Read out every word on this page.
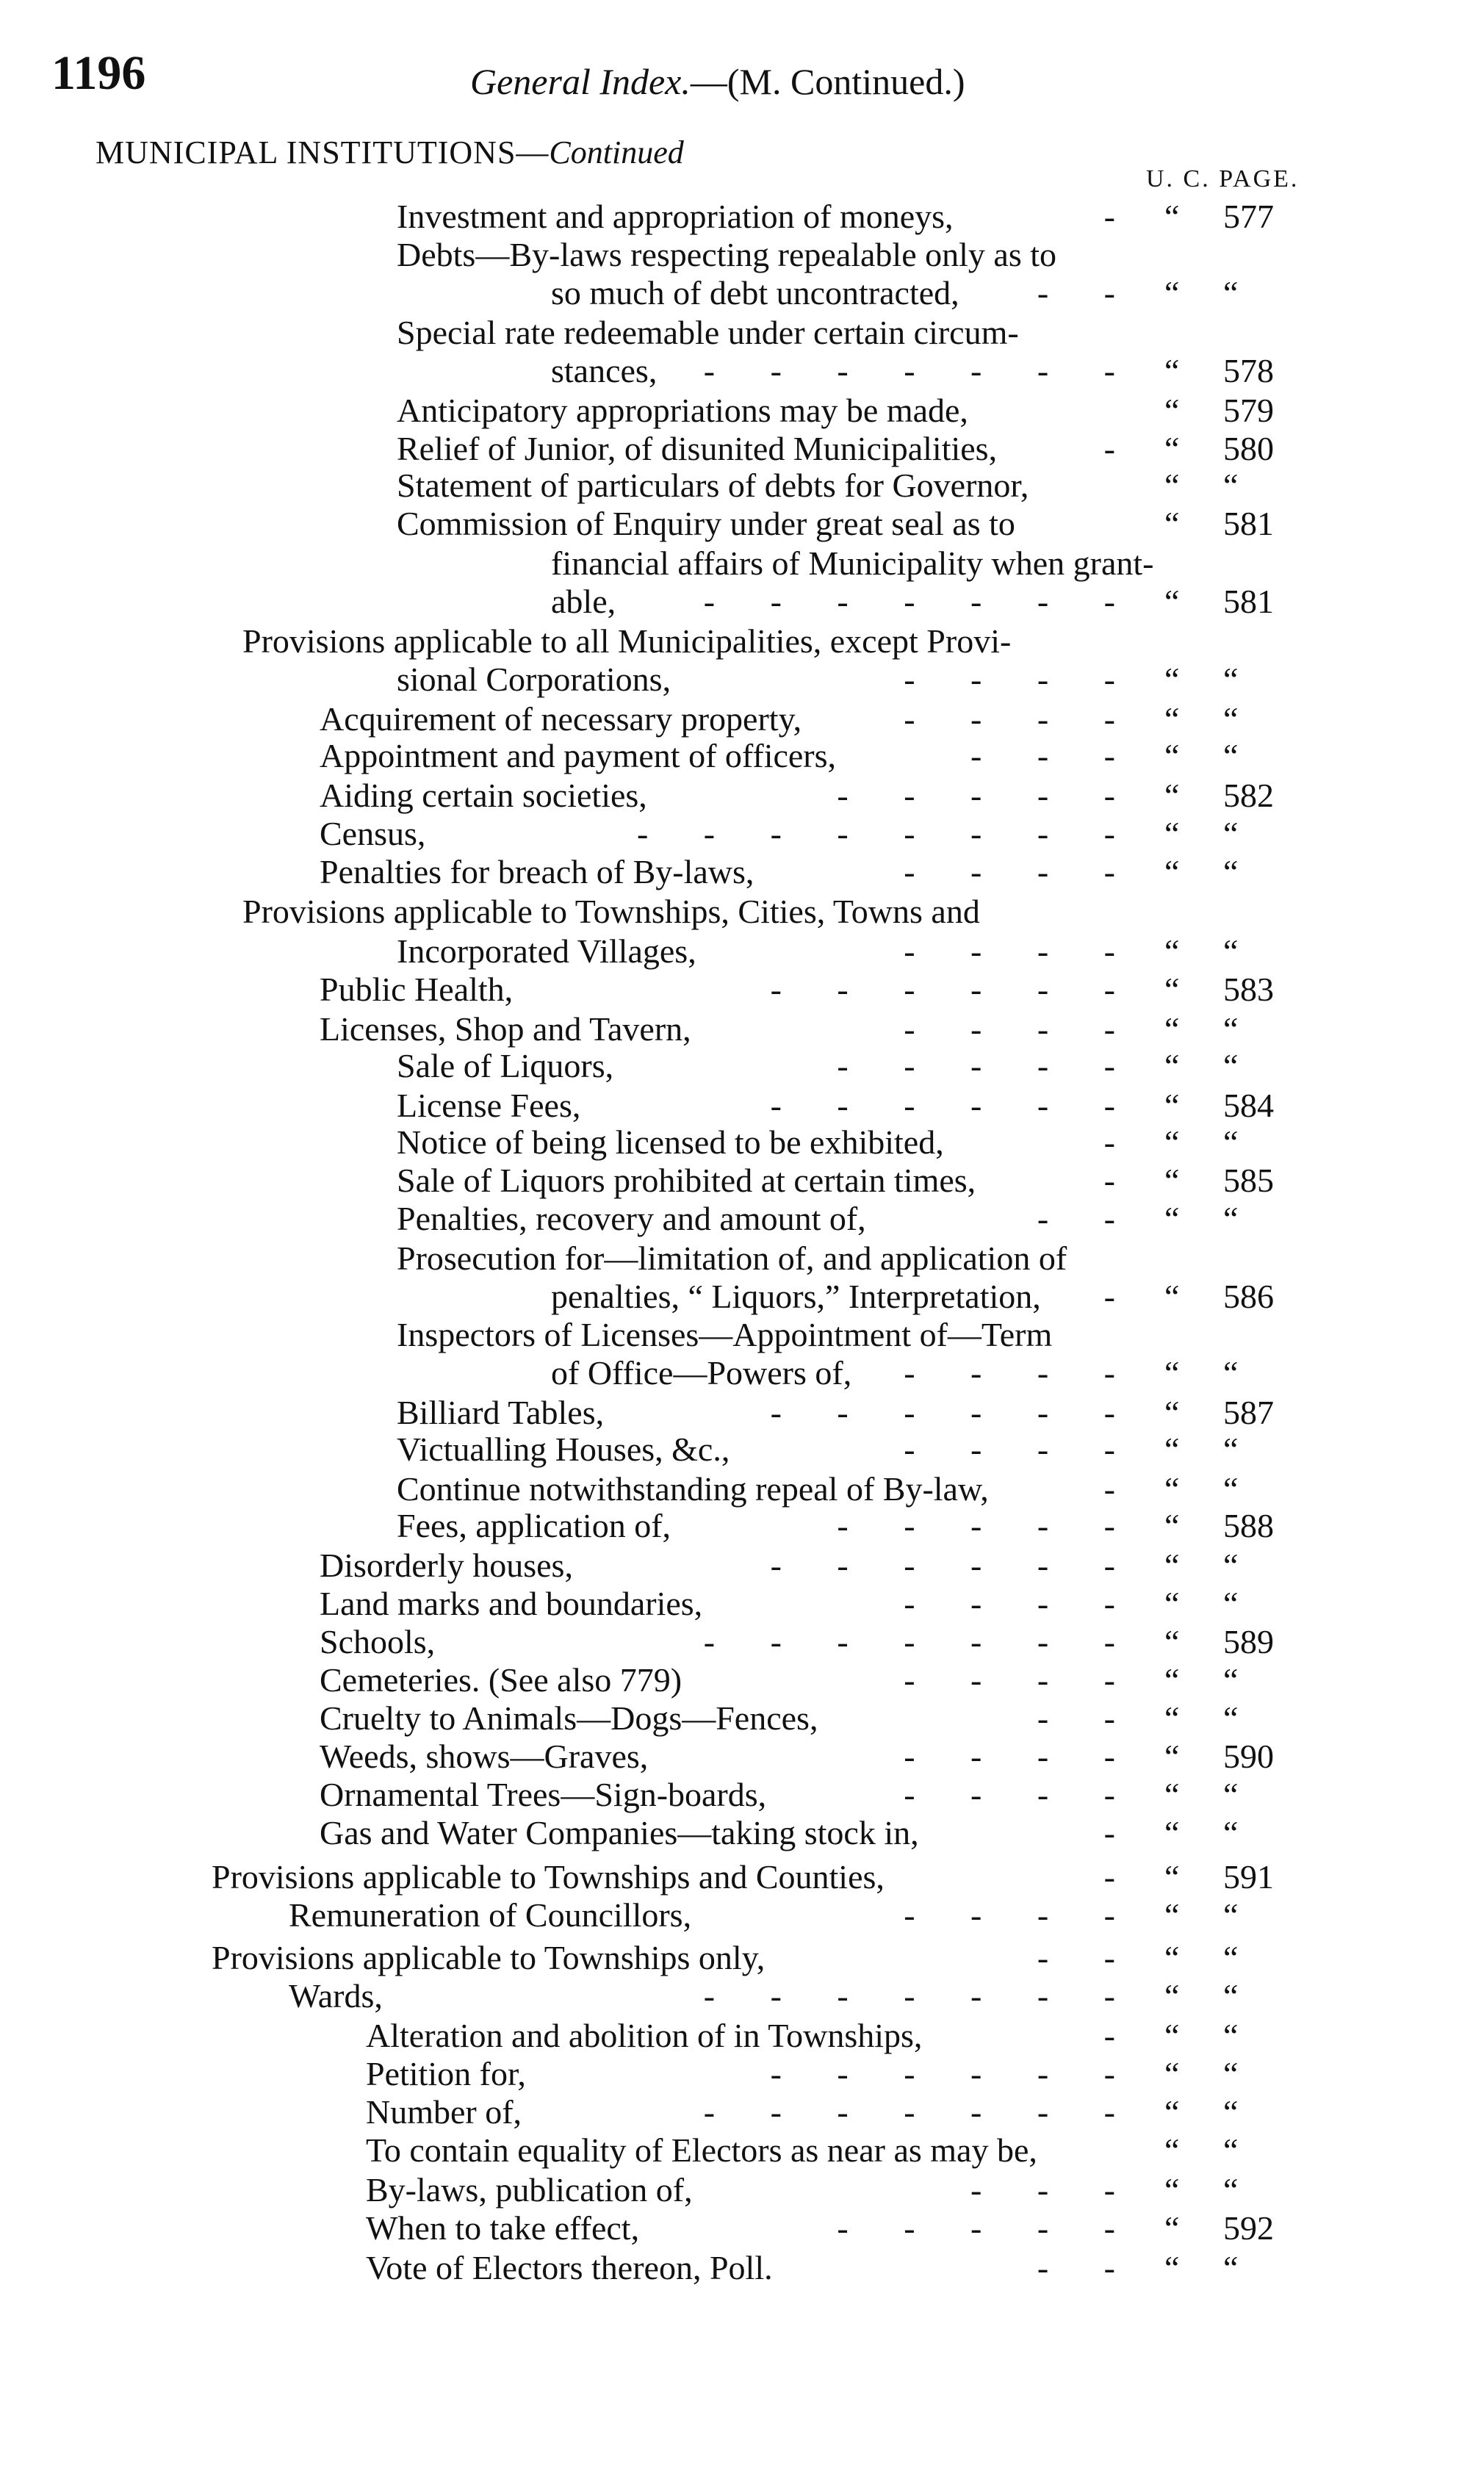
1196	General Index.—(M. Continued.)
MUNICIPAL INSTITUTIONS—Continued
U. C. PAGE.
Investment and appropriation of moneys,	- “ 577
Debts—By-laws respecting repealable only as to
so much of debt uncontracted, - - “ “
Special rate redeemable under certain circum-
stances, - - - - - - - “ 578
Anticipatory appropriations may be made,	“ 579
Relief of Junior, of disunited Municipalities,	- “ 580
Statement of particulars of debts for Governor,	“ “
Commission of Enquiry under great seal as to	“ 581
financial affairs of Municipality when grant-
able,	- - - - - - - “ 581
Provisions applicable to all Municipalities, except Provi-
sional Corporations,	- - - - “ “
Acquirement of necessary property,	- - - - “ “
Appointment and payment of officers,	- - - “ “
Aiding certain societies,	- - - - - “ 582
Census,	- - - - - - - - “ “
Penalties for breach of By-laws,	- - - - “ “
Provisions applicable to Townships, Cities, Towns and
Incorporated Villages,	- - - - “ “
Public Health,	- - - - - - “ 583
Licenses, Shop and Tavern,	- - - - “ “
Sale of Liquors,	- - - - - “ “
License Fees,	- - - - - - “ 584
Notice of being licensed to be exhibited,	- “ “
Sale of Liquors prohibited at certain times,	- “ 585
Penalties, recovery and amount of,	- - “ “
Prosecution for—limitation of, and application of
penalties, “ Liquors,” Interpretation, - “ 586
Inspectors of Licenses—Appointment of—Term
of Office—Powers of, - - - - “ “
Billiard Tables,	- - - - - - “ 587
Victualling Houses, &c.,	- - - - “ “
Continue notwithstanding repeal of By-law,	- “ “
Fees, application of,	- - - - - “ 588
Disorderly houses,	- - - - - - “ “
Land marks and boundaries,	- - - - “ “
Schools,	- - - - - - - “ 589
Cemeteries. (See also 779)	- - - - “ “
Cruelty to Animals—Dogs—Fences,	- - “ “
Weeds, shows—Graves,	- - - - “ 590
Ornamental Trees—Sign-boards,	- - - - “ “
Gas and Water Companies—taking stock in,	- “ “
Provisions applicable to Townships and Counties,	- “ 591
Remuneration of Councillors,	- - - - “ “
Provisions applicable to Townships only,	- - “ “
Wards,	- - - - - - - “ “
Alteration and abolition of in Townships,	- “ “
Petition for,	- - - - - - “ “
Number of,	- - - - - - - “ “
To contain equality of Electors as near as may be,	“ “
By-laws, publication of,	- - - “ “
When to take effect,	- - - - - “ 592
Vote of Electors thereon, Poll.	- - “ “
